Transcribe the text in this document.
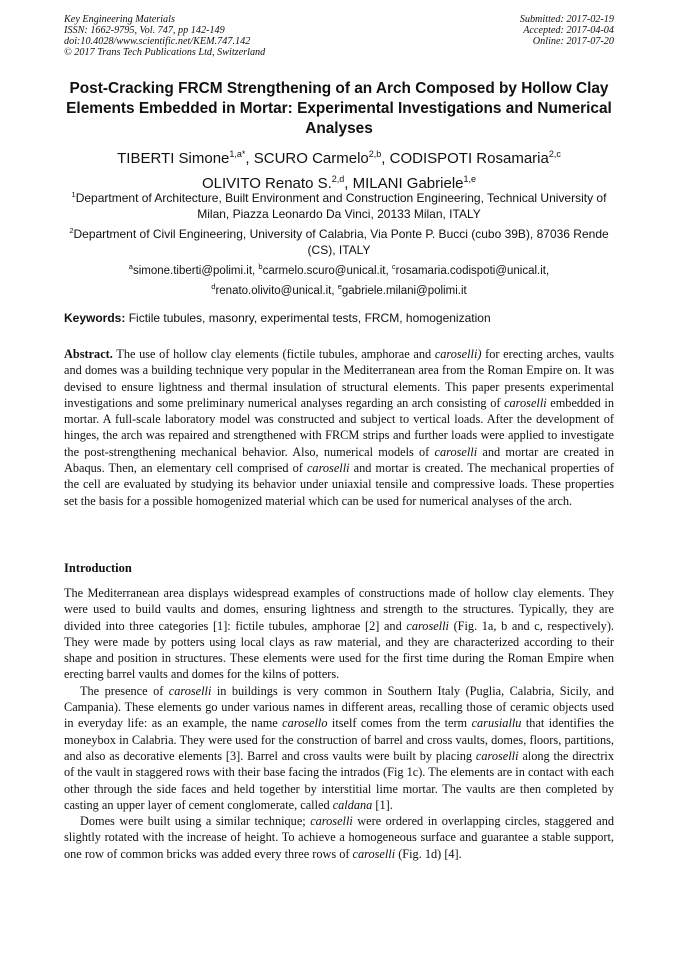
Key Engineering Materials
ISSN: 1662-9795, Vol. 747, pp 142-149
doi:10.4028/www.scientific.net/KEM.747.142
© 2017 Trans Tech Publications Ltd, Switzerland
Submitted: 2017-02-19
Accepted: 2017-04-04
Online: 2017-07-20
Post-Cracking FRCM Strengthening of an Arch Composed by Hollow Clay Elements Embedded in Mortar: Experimental Investigations and Numerical Analyses
TIBERTI Simone$^{1,a*}$, SCURO Carmelo$^{2,b}$, CODISPOTI Rosamaria$^{2,c}$
OLIVITO Renato S.$^{2,d}$, MILANI Gabriele$^{1,e}$
$^1$Department of Architecture, Built Environment and Construction Engineering, Technical University of Milan, Piazza Leonardo Da Vinci, 20133 Milan, ITALY
$^2$Department of Civil Engineering, University of Calabria, Via Ponte P. Bucci (cubo 39B), 87036 Rende (CS), ITALY
$^a$simone.tiberti@polimi.it, $^b$carmelo.scuro@unical.it, $^c$rosamaria.codispoti@unical.it,
$^d$renato.olivito@unical.it, $^e$gabriele.milani@polimi.it
Keywords: Fictile tubules, masonry, experimental tests, FRCM, homogenization
Abstract. The use of hollow clay elements (fictile tubules, amphorae and caroselli) for erecting arches, vaults and domes was a building technique very popular in the Mediterranean area from the Roman Empire on. It was devised to ensure lightness and thermal insulation of structural elements. This paper presents experimental investigations and some preliminary numerical analyses regarding an arch consisting of caroselli embedded in mortar. A full-scale laboratory model was constructed and subject to vertical loads. After the development of hinges, the arch was repaired and strengthened with FRCM strips and further loads were applied to investigate the post-strengthening mechanical behavior. Also, numerical models of caroselli and mortar are created in Abaqus. Then, an elementary cell comprised of caroselli and mortar is created. The mechanical properties of the cell are evaluated by studying its behavior under uniaxial tensile and compressive loads. These properties set the basis for a possible homogenized material which can be used for numerical analyses of the arch.
Introduction

The Mediterranean area displays widespread examples of constructions made of hollow clay elements. They were used to build vaults and domes, ensuring lightness and strength to the structures. Typically, they are divided into three categories [1]: fictile tubules, amphorae [2] and caroselli (Fig. 1a, b and c, respectively). They were made by potters using local clays as raw material, and they are characterized according to their shape and position in structures. These elements were used for the first time during the Roman Empire when erecting barrel vaults and domes for the kilns of potters.

The presence of caroselli in buildings is very common in Southern Italy (Puglia, Calabria, Sicily, and Campania). These elements go under various names in different areas, recalling those of ceramic objects used in everyday life: as an example, the name carosello itself comes from the term carusiallu that identifies the moneybox in Calabria. They were used for the construction of barrel and cross vaults, domes, floors, partitions, and also as decorative elements [3]. Barrel and cross vaults were built by placing caroselli along the directrix of the vault in staggered rows with their base facing the intrados (Fig 1c). The elements are in contact with each other through the side faces and held together by interstitial lime mortar. The vaults are then completed by casting an upper layer of cement conglomerate, called caldana [1].

Domes were built using a similar technique; caroselli were ordered in overlapping circles, staggered and slightly rotated with the increase of height. To achieve a homogeneous surface and guarantee a stable support, one row of common bricks was added every three rows of caroselli (Fig. 1d) [4].
